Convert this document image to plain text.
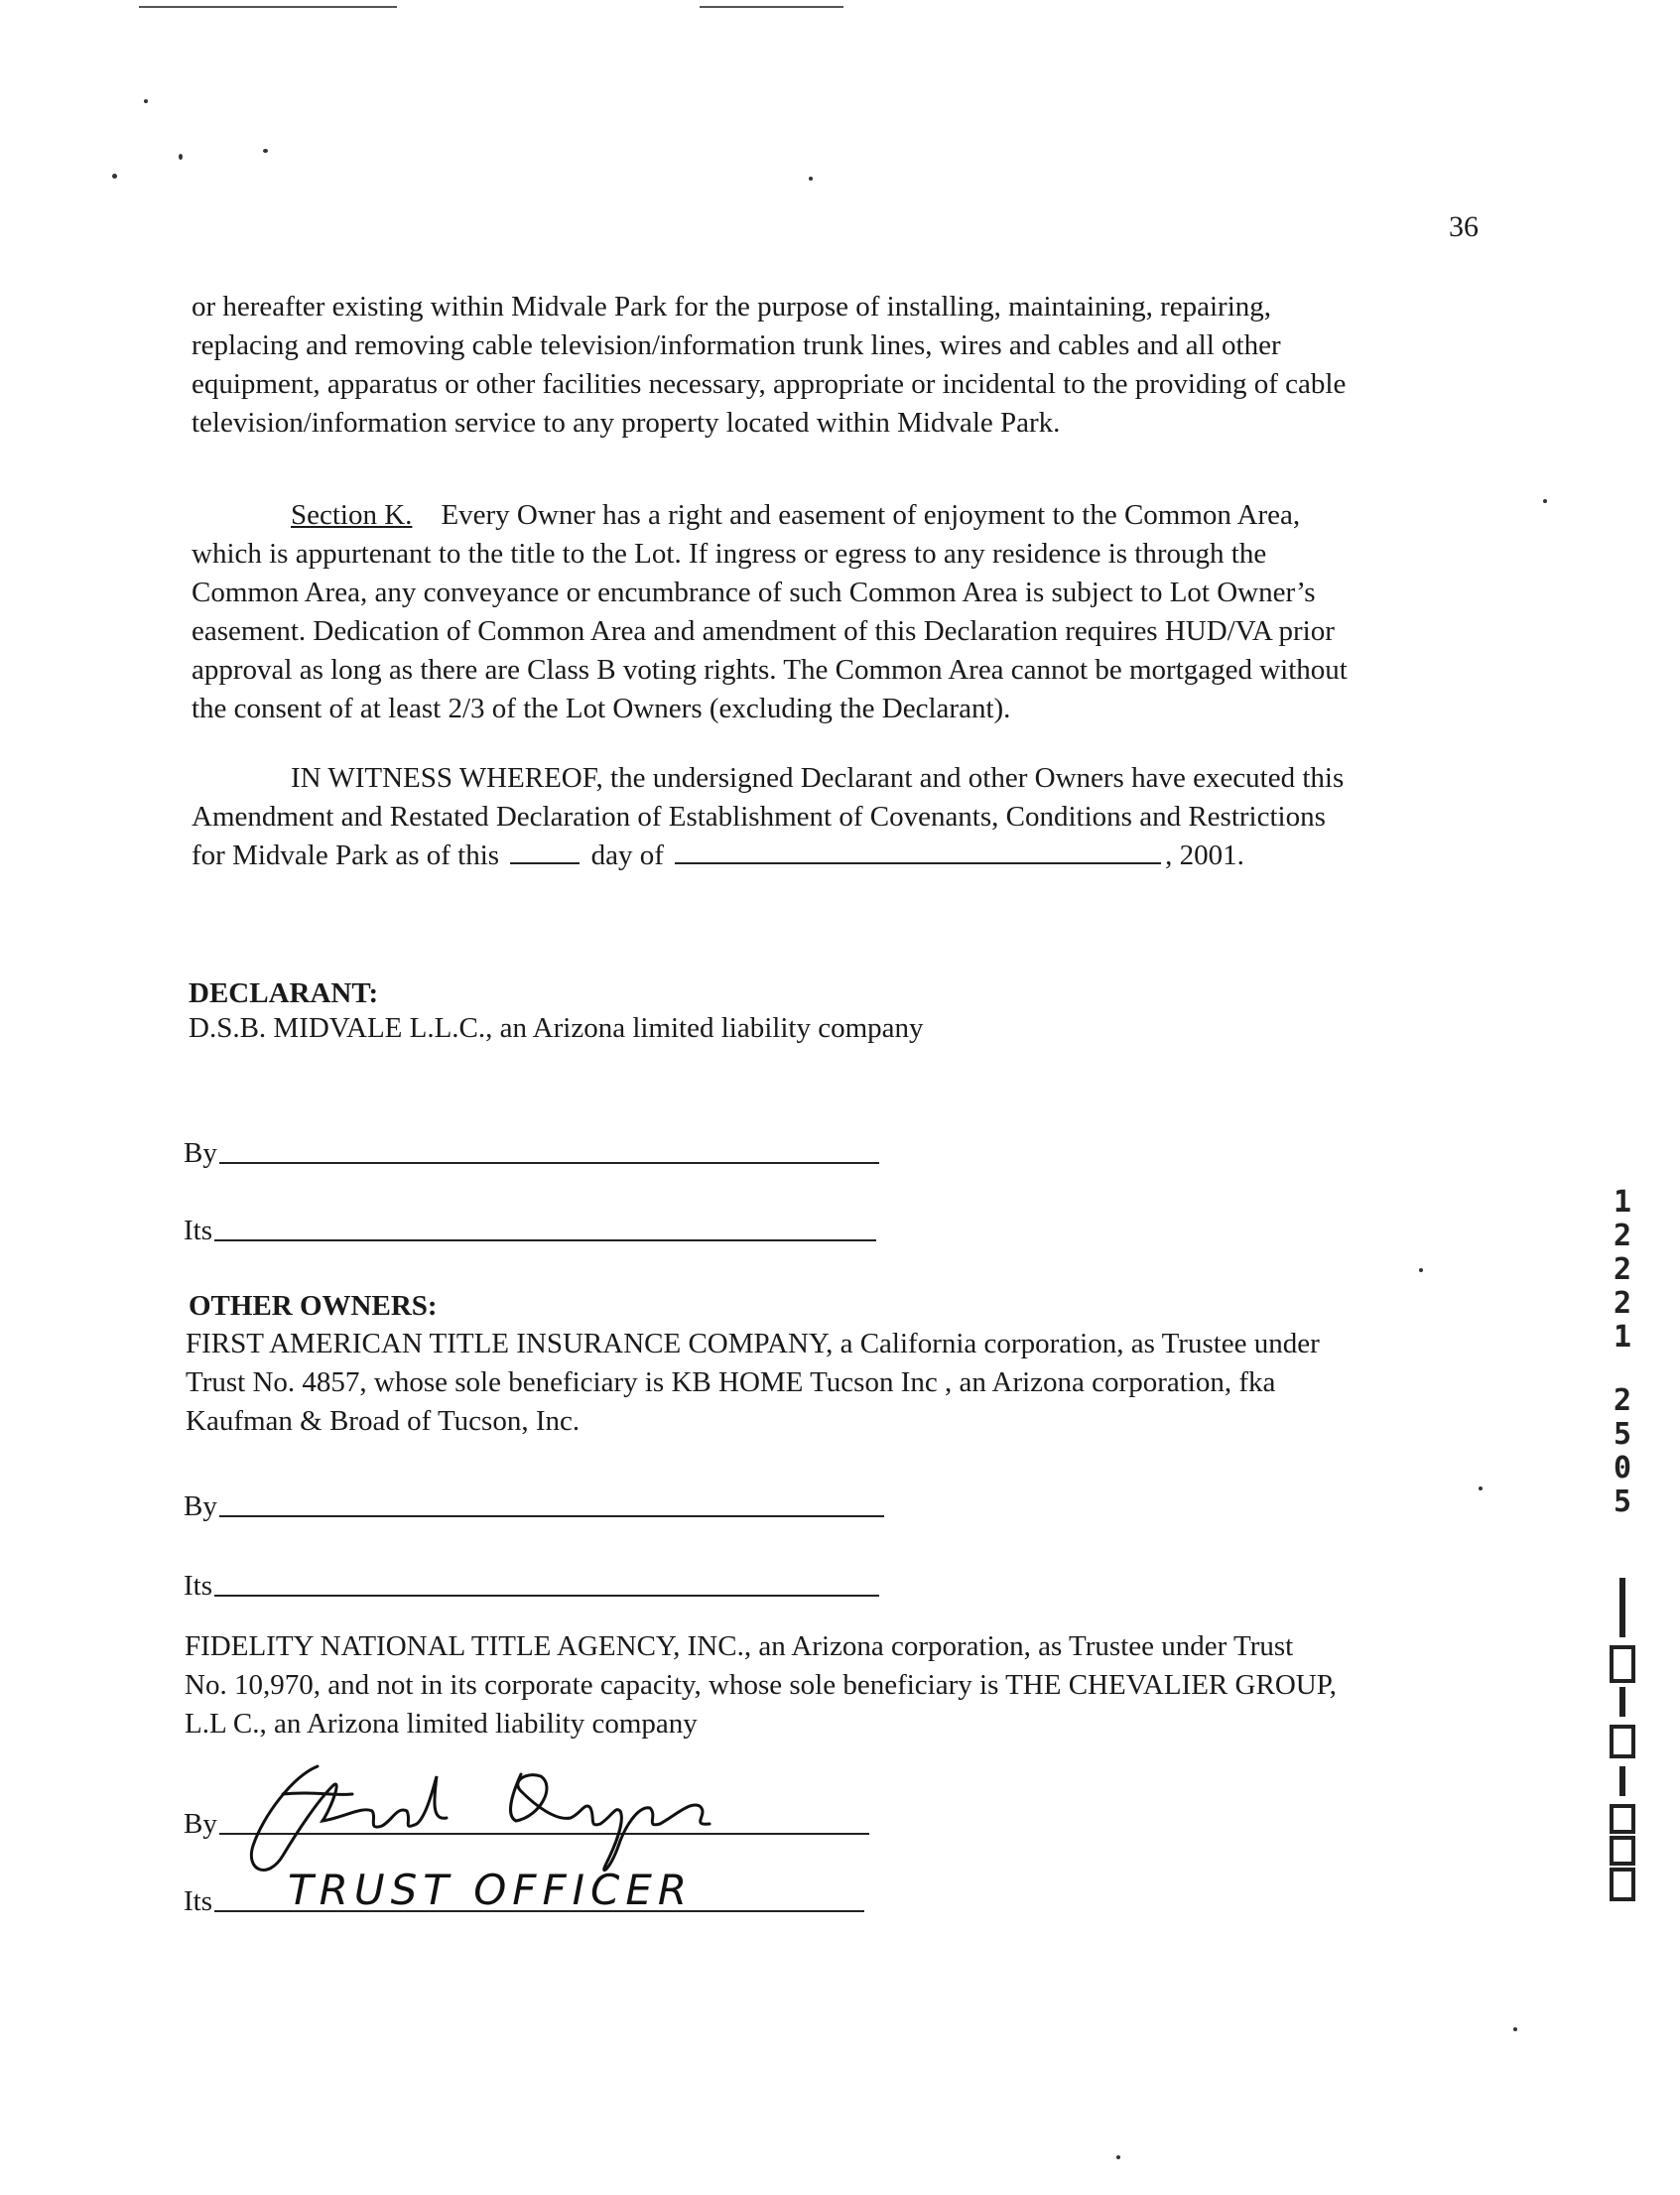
36
or hereafter existing within Midvale Park for the purpose of installing, maintaining, repairing,
replacing and removing cable television/information trunk lines, wires and cables and all other
equipment, apparatus or other facilities necessary, appropriate or incidental to the providing of cable
television/information service to any property located within Midvale Park.
Section K. Every Owner has a right and easement of enjoyment to the Common Area,
which is appurtenant to the title to the Lot. If ingress or egress to any residence is through the
Common Area, any conveyance or encumbrance of such Common Area is subject to Lot Owner’s
easement. Dedication of Common Area and amendment of this Declaration requires HUD/VA prior
approval as long as there are Class B voting rights. The Common Area cannot be mortgaged without
the consent of at least 2/3 of the Lot Owners (excluding the Declarant).
IN WITNESS WHEREOF, the undersigned Declarant and other Owners have executed this
Amendment and Restated Declaration of Establishment of Covenants, Conditions and Restrictions
for Midvale Park as of this	day of	, 2001.
DECLARANT:
D.S.B. MIDVALE L.L.C., an Arizona limited liability company
By
Its
OTHER OWNERS:
FIRST AMERICAN TITLE INSURANCE COMPANY, a California corporation, as Trustee under
Trust No. 4857, whose sole beneficiary is KB HOME Tucson Inc , an Arizona corporation, fka
Kaufman & Broad of Tucson, Inc.
By
Its
FIDELITY NATIONAL TITLE AGENCY, INC., an Arizona corporation, as Trustee under Trust
No. 10,970, and not in its corporate capacity, whose sole beneficiary is THE CHEVALIER GROUP,
L.L C., an Arizona limited liability company
By
Its TRUST OFFICER
1
2
2
2
1
2
5
0
5
